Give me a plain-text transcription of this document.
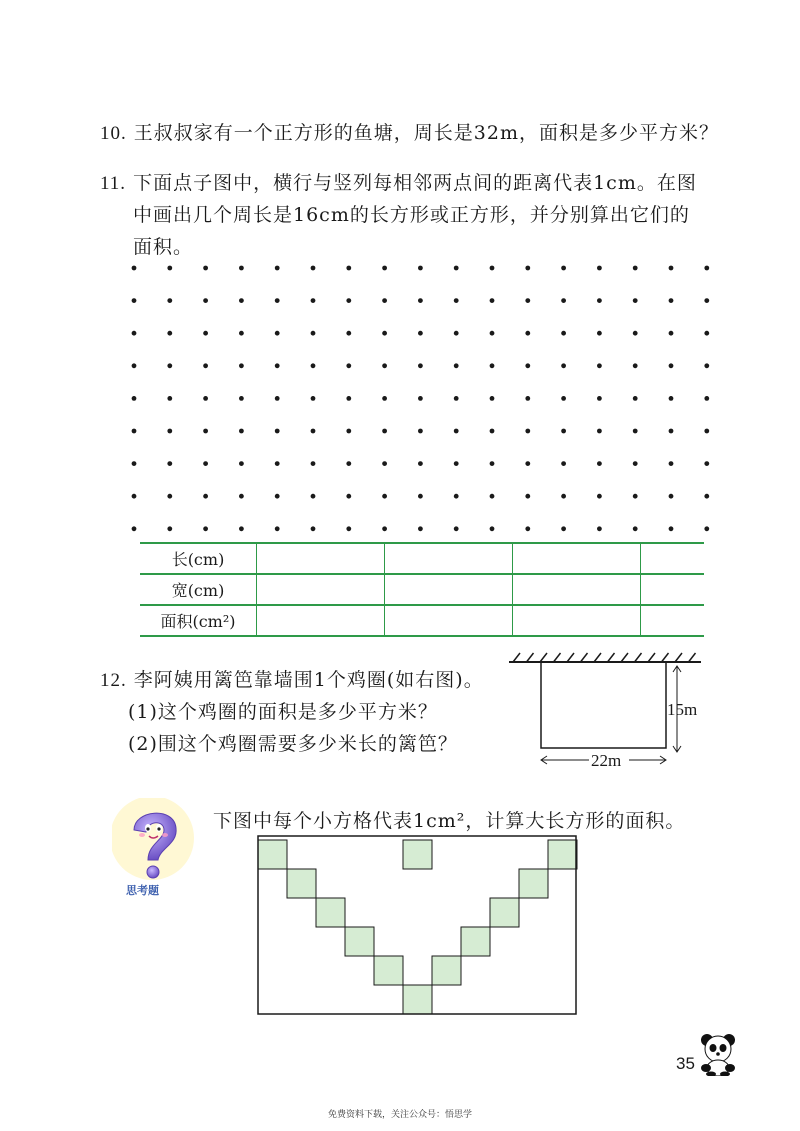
10. 王叔叔家有一个正方形的鱼塘，周长是32m，面积是多少平方米？
11. 下面点子图中，横行与竖列每相邻两点间的距离代表1cm。在图
中画出几个周长是16cm的长方形或正方形，并分别算出它们的
面积。
长(cm)				
宽(cm)				
面积(cm²)				
12. 李阿姨用篱笆靠墙围1个鸡圈(如右图)。
(1)这个鸡圈的面积是多少平方米？
(2)围这个鸡圈需要多少米长的篱笆？
15m
22m
思考题
下图中每个小方格代表1cm²，计算大长方形的面积。
35
免费资料下载，关注公众号：悟思学
